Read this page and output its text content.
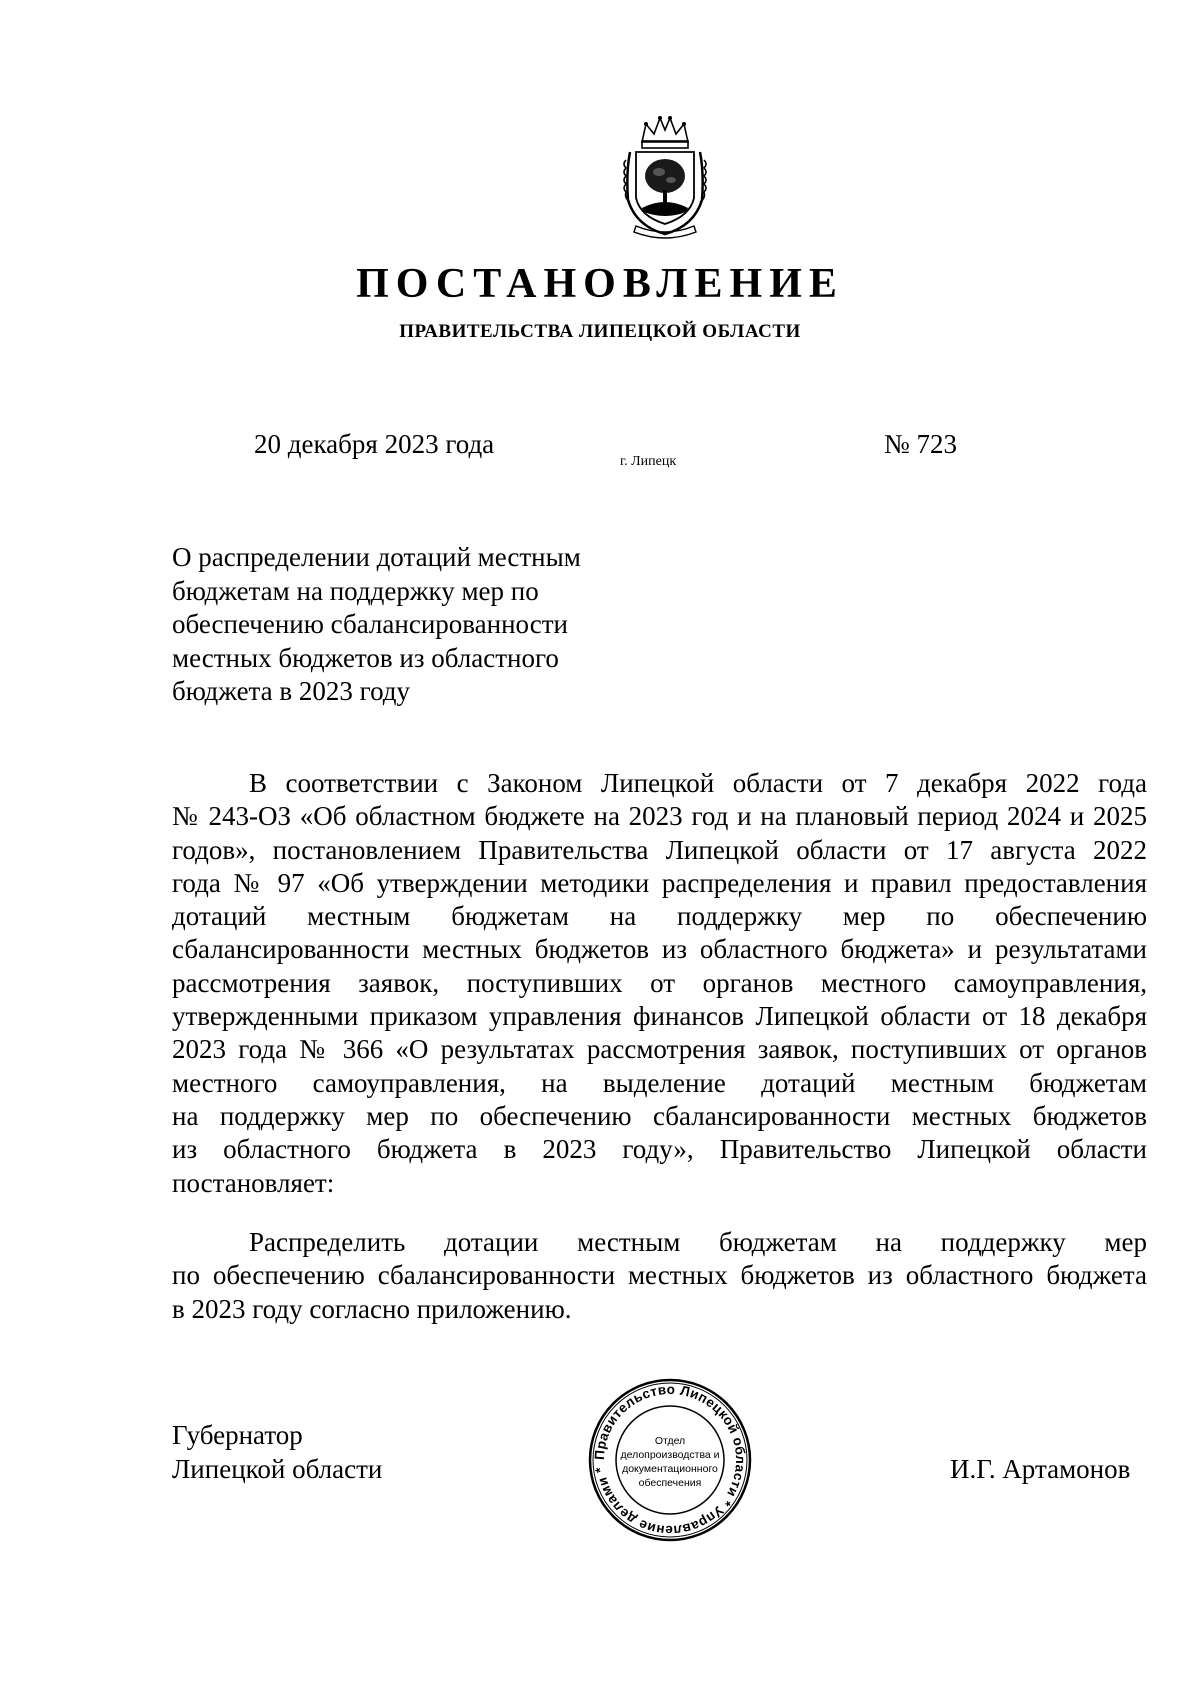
ПОСТАНОВЛЕНИЕ
ПРАВИТЕЛЬСТВА ЛИПЕЦКОЙ ОБЛАСТИ
20 декабря 2023 года
г. Липецк
№ 723
О распределении дотаций местным
бюджетам на поддержку мер по
обеспечению сбалансированности
местных бюджетов из областного
бюджета в 2023 году
В соответствии с Законом Липецкой области от 7 декабря 2022 года
№ 243-ОЗ «Об областном бюджете на 2023 год и на плановый период 2024 и 2025
годов», постановлением Правительства Липецкой области от 17 августа 2022
года № 97 «Об утверждении методики распределения и правил предоставления
дотаций местным бюджетам на поддержку мер по обеспечению
сбалансированности местных бюджетов из областного бюджета» и результатами
рассмотрения заявок, поступивших от органов местного самоуправления,
утвержденными приказом управления финансов Липецкой области от 18 декабря
2023 года № 366 «О результатах рассмотрения заявок, поступивших от органов
местного самоуправления, на выделение дотаций местным бюджетам
на поддержку мер по обеспечению сбалансированности местных бюджетов
из областного бюджета в 2023 году», Правительство Липецкой области
постановляет:
Распределить дотации местным бюджетам на поддержку мер
по обеспечению сбалансированности местных бюджетов из областного бюджета
в 2023 году согласно приложению.
Губернатор
Липецкой области	Правительство Липецкой области * Управление делами *
Отдел
делопроизводства и
документационного
обеспечения	И.Г. Артамонов
